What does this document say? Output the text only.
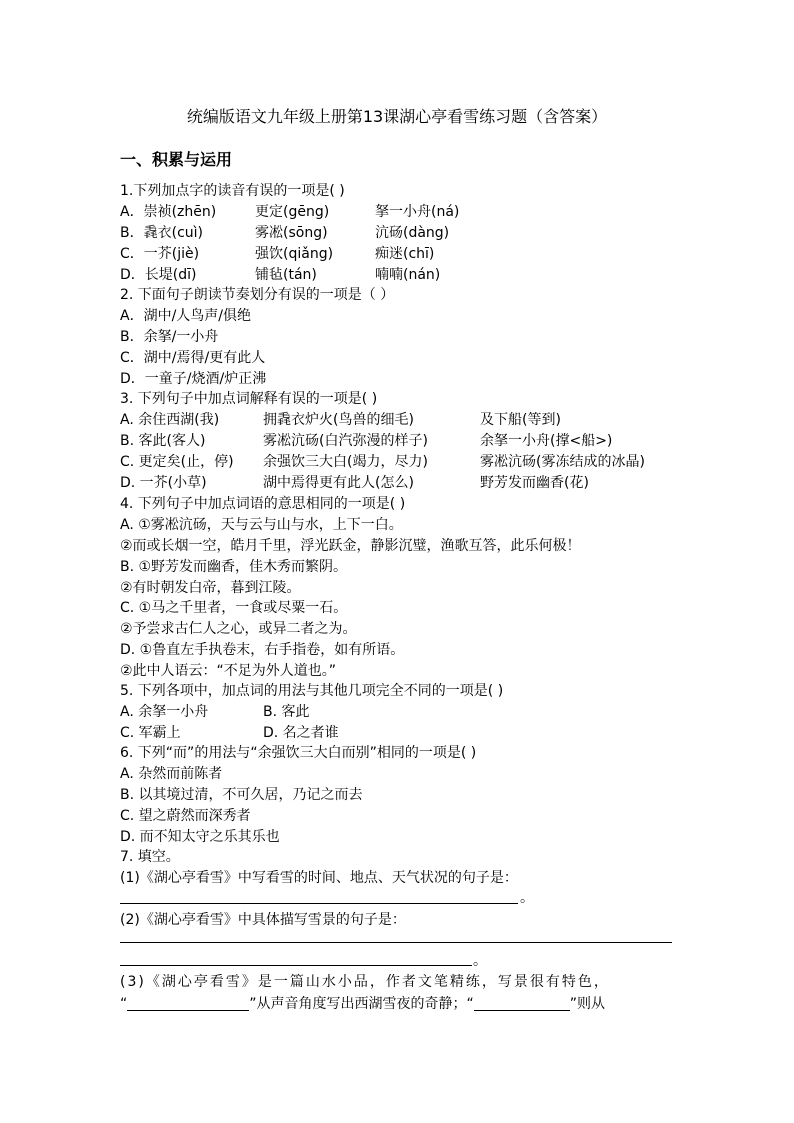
统编版语文九年级上册第13课湖心亭看雪练习题（含答案）
一、积累与运用
1.下列加点字的读音有误的一项是( )
A．崇祯(zhēn)	更定(gēng)	拏一小舟(ná)
B．毳衣(cuì)	雾凇(sōng)	沆砀(dàng)
C．一芥(jiè)	强饮(qiǎng)	痴迷(chī)
D．长堤(dī)	铺毡(tán)	喃喃(nán)
2. 下面句子朗读节奏划分有误的一项是（ ）
A．湖中/人鸟声/俱绝
B．余拏/一小舟
C．湖中/焉得/更有此人
D．一童子/烧酒/炉正沸
3. 下列句子中加点词解释有误的一项是( )
A. 余住西湖(我)	拥毳衣炉火(鸟兽的细毛)	及下船(等到)
B. 客此(客人)	雾凇沆砀(白汽弥漫的样子)	余拏一小舟(撑<船>)
C. 更定矣(止，停) 余强饮三大白(竭力，尽力)	雾凇沆砀(雾冻结成的冰晶)
D. 一芥(小草)	湖中焉得更有此人(怎么)	野芳发而幽香(花)
4. 下列句子中加点词语的意思相同的一项是( )
A. ①雾凇沆砀，天与云与山与水，上下一白。
②而或长烟一空，皓月千里，浮光跃金，静影沉璧，渔歌互答，此乐何极！
B. ①野芳发而幽香，佳木秀而繁阴。
②有时朝发白帝，暮到江陵。
C. ①马之千里者，一食或尽粟一石。
②予尝求古仁人之心，或异二者之为。
D. ①鲁直左手执卷末，右手指卷，如有所语。
②此中人语云：“不足为外人道也。”
5. 下列各项中，加点词的用法与其他几项完全不同的一项是( )
A. 余拏一小舟	B. 客此
C. 军霸上	D. 名之者谁
6. 下列“而”的用法与“余强饮三大白而别”相同的一项是( )
A. 杂然而前陈者
B. 以其境过清，不可久居，乃记之而去
C. 望之蔚然而深秀者
D. 而不知太守之乐其乐也
7. 填空。
(1)《湖心亭看雪》中写看雪的时间、地点、天气状况的句子是：
。
(2)《湖心亭看雪》中具体描写雪景的句子是：
。
(3)《湖心亭看雪》是一篇山水小品，作者文笔精练，写景很有特色，
“	”从声音角度写出西湖雪夜的奇静；“	”则从
